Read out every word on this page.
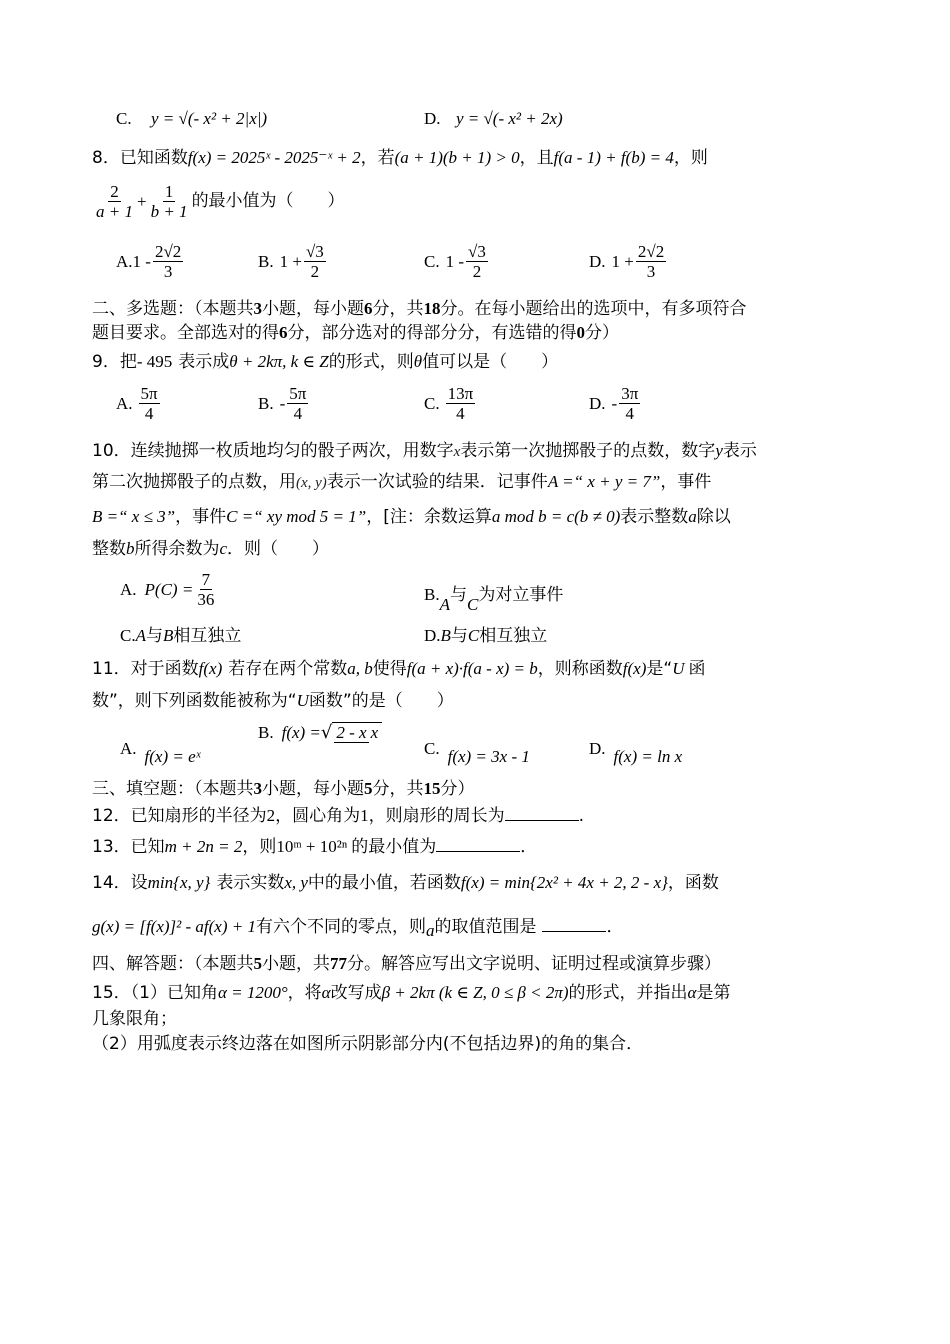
C. y = √(- x² + 2|x|)	D. y = √(- x² + 2x)
8．已知函数f(x) = 2025ˣ - 2025⁻ˣ + 2，若(a + 1)(b + 1) > 0，且f(a - 1) + f(b) = 4，则
$\frac{2}{a + 1} + \frac{1}{b + 1}$ 的最小值为（　　）
A. $1 - \frac{2√2}{3}$	B. $1 + \frac{√3}{2}$	C. $1 - \frac{√3}{2}$	D. $1 + \frac{2√2}{3}$
二、多选题：（本题共3小题，每小题6分，共18分。在每小题给出的选项中，有多项符合
题目要求。全部选对的得6分，部分选对的得部分分，有选错的得0分）
9．把- 495 表示成θ + 2kπ, k ∈ Z的形式，则θ值可以是（　　）
A. $\frac{5\pi}{4}$	B. - $\frac{5\pi}{4}$	C. $\frac{13\pi}{4}$	D. - $\frac{3\pi}{4}$
10．连续抛掷一枚质地均匀的骰子两次，用数字x表示第一次抛掷骰子的点数，数字y表示
第二次抛掷骰子的点数，用(x, y)表示一次试验的结果．记事件A =“ x + y = 7”，事件
B =“ x ≤ 3”，事件C =“ xy mod 5 = 1”，[注：余数运算a mod b = c(b ≠ 0)表示整数a除以
整数b所得余数为c．则（　　）
A. $P(C) = \frac{7}{36}$	B.A与C为对立事件
C.A与B相互独立	D.B与C相互独立
11．对于函数f(x) 若存在两个常数a, b使得f(a + x)·f(a - x) = b，则称函数f(x)是“U 函
数”，则下列函数能被称为“U函数”的是（　　）
A. f(x) = eˣ
B. f(x) = √ 2 - x x
C. f(x) = 3x - 1	D. f(x) = ln x
三、填空题：（本题共3小题，每小题5分，共15分）
12．已知扇形的半径为2，圆心角为1，则扇形的周长为	.
13．已知m + 2n = 2，则10ᵐ + 10²ⁿ 的最小值为	．
14．设min{x, y} 表示实数x, y中的最小值，若函数f(x) = min{2x² + 4x + 2, 2 - x}，函数
g(x) = [f(x)]² - af(x) + 1有六个不同的零点，则a的取值范围是	．
四、解答题：（本题共5小题，共77分。解答应写出文字说明、证明过程或演算步骤）
15．（1）已知角α = 1200°，将α改写成β + 2kπ (k ∈ Z, 0 ≤ β < 2π)的形式，并指出α是第
几象限角；
（2）用弧度表示终边落在如图所示阴影部分内(不包括边界)的角的集合．
